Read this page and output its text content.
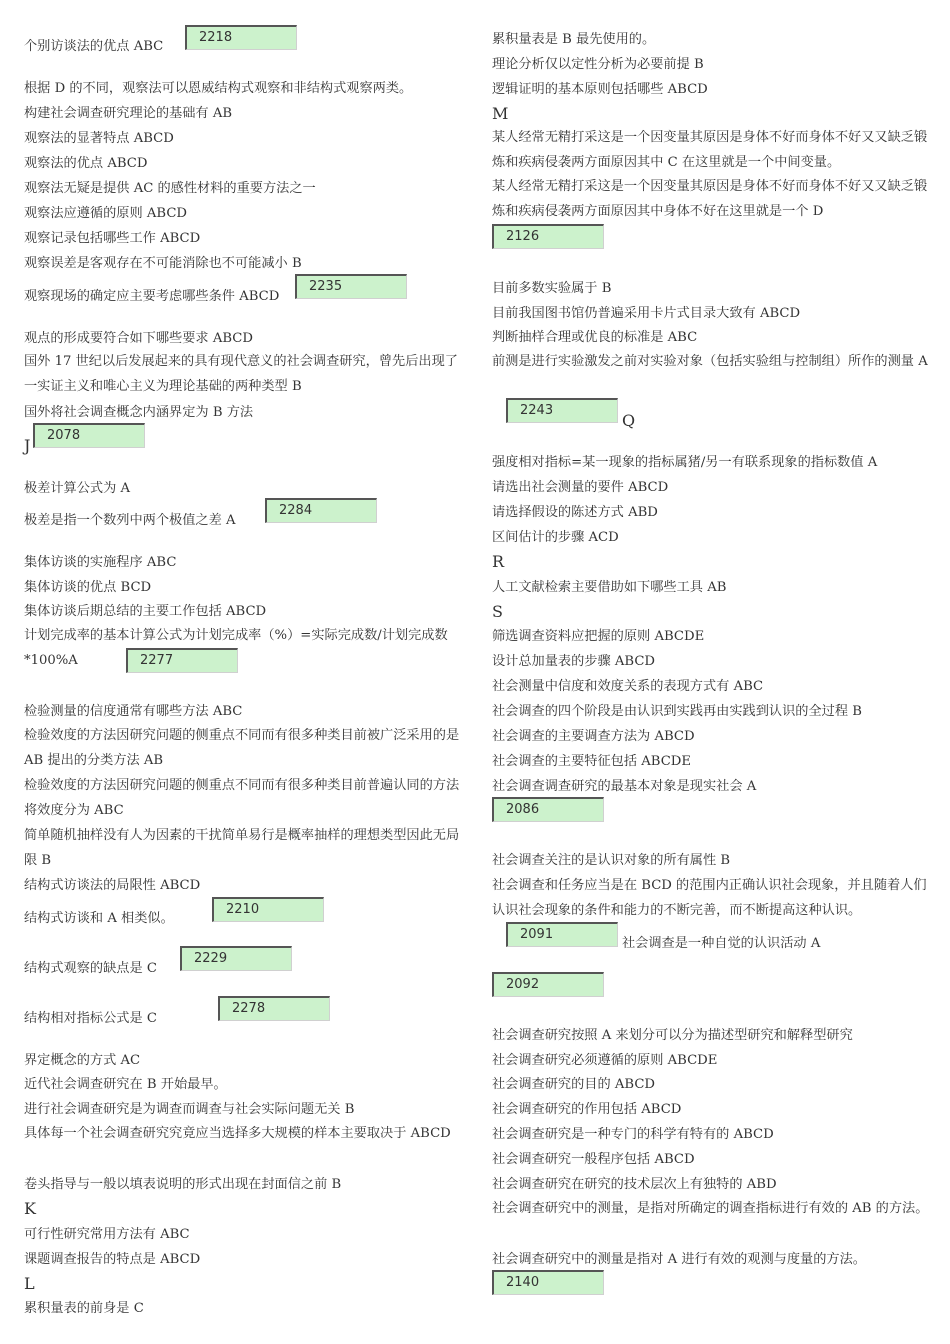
个别访谈法的优点 ABC
2218
根据 D 的不同，观察法可以恩威结构式观察和非结构式观察两类。
构建社会调查研究理论的基础有 AB
观察法的显著特点 ABCD
观察法的优点 ABCD
观察法无疑是提供 AC 的感性材料的重要方法之一
观察法应遵循的原则 ABCD
观察记录包括哪些工作 ABCD
观察误差是客观存在不可能消除也不可能减小 B
观察现场的确定应主要考虑哪些条件 ABCD
2235
观点的形成要符合如下哪些要求 ABCD
国外 17 世纪以后发展起来的具有现代意义的社会调查研究，曾先后出现了一实证主义和唯心主义为理论基础的两种类型 B
国外将社会调查概念内涵界定为 B 方法
J
2078
极差计算公式为 A
极差是指一个数列中两个极值之差 A
2284
集体访谈的实施程序 ABC
集体访谈的优点 BCD
集体访谈后期总结的主要工作包括 ABCD
计划完成率的基本计算公式为计划完成率（%）=实际完成数/计划完成数*100%A	2277
检验测量的信度通常有哪些方法 ABC
检验效度的方法因研究问题的侧重点不同而有很多种类目前被广泛采用的是 AB 提出的分类方法 AB
检验效度的方法因研究问题的侧重点不同而有很多种类目前普遍认同的方法将效度分为 ABC
简单随机抽样没有人为因素的干扰简单易行是概率抽样的理想类型因此无局限 B
结构式访谈法的局限性 ABCD
结构式访谈和 A 相类似。
2210
结构式观察的缺点是 C
2229
结构相对指标公式是 C
2278
界定概念的方式 AC
近代社会调查研究在 B 开始最早。
进行社会调查研究是为调查而调查与社会实际问题无关 B
具体每一个社会调查研究究竟应当选择多大规模的样本主要取决于 ABCD
卷头指导与一般以填表说明的形式出现在封面信之前 B
K
可行性研究常用方法有 ABC
课题调查报告的特点是 ABCD
L
累积量表的前身是 C
累积量表是 B 最先使用的。
理论分析仅以定性分析为必要前提 B
逻辑证明的基本原则包括哪些 ABCD
M
某人经常无精打采这是一个因变量其原因是身体不好而身体不好又又缺乏锻炼和疾病侵袭两方面原因其中 C 在这里就是一个中间变量。
某人经常无精打采这是一个因变量其原因是身体不好而身体不好又又缺乏锻炼和疾病侵袭两方面原因其中身体不好在这里就是一个 D
2126
目前多数实验属于 B
目前我国图书馆仍普遍采用卡片式目录大致有 ABCD
判断抽样合理或优良的标准是 ABC
前测是进行实验激发之前对实验对象（包括实验组与控制组）所作的测量 A
2243
Q
强度相对指标=某一现象的指标属猪/另一有联系现象的指标数值 A
请选出社会测量的要件 ABCD
请选择假设的陈述方式 ABD
区间估计的步骤 ACD
R
人工文献检索主要借助如下哪些工具 AB
S
筛选调查资料应把握的原则 ABCDE
设计总加量表的步骤 ABCD
社会测量中信度和效度关系的表现方式有 ABC
社会调查的四个阶段是由认识到实践再由实践到认识的全过程 B
社会调查的主要调查方法为 ABCD
社会调查的主要特征包括 ABCDE
社会调查调查研究的最基本对象是现实社会 A
2086
社会调查关注的是认识对象的所有属性 B
社会调查和任务应当是在 BCD 的范围内正确认识社会现象，并且随着人们认识社会现象的条件和能力的不断完善，而不断提高这种认识。
2091
社会调查是一种自觉的认识活动 A
2092
社会调查研究按照 A 来划分可以分为描述型研究和解释型研究
社会调查研究必须遵循的原则 ABCDE
社会调查研究的目的 ABCD
社会调查研究的作用包括 ABCD
社会调查研究是一种专门的科学有特有的 ABCD
社会调查研究一般程序包括 ABCD
社会调查研究在研究的技术层次上有独特的 ABD
社会调查研究中的测量，是指对所确定的调查指标进行有效的 AB 的方法。
社会调查研究中的测量是指对 A 进行有效的观测与度量的方法。
2140
